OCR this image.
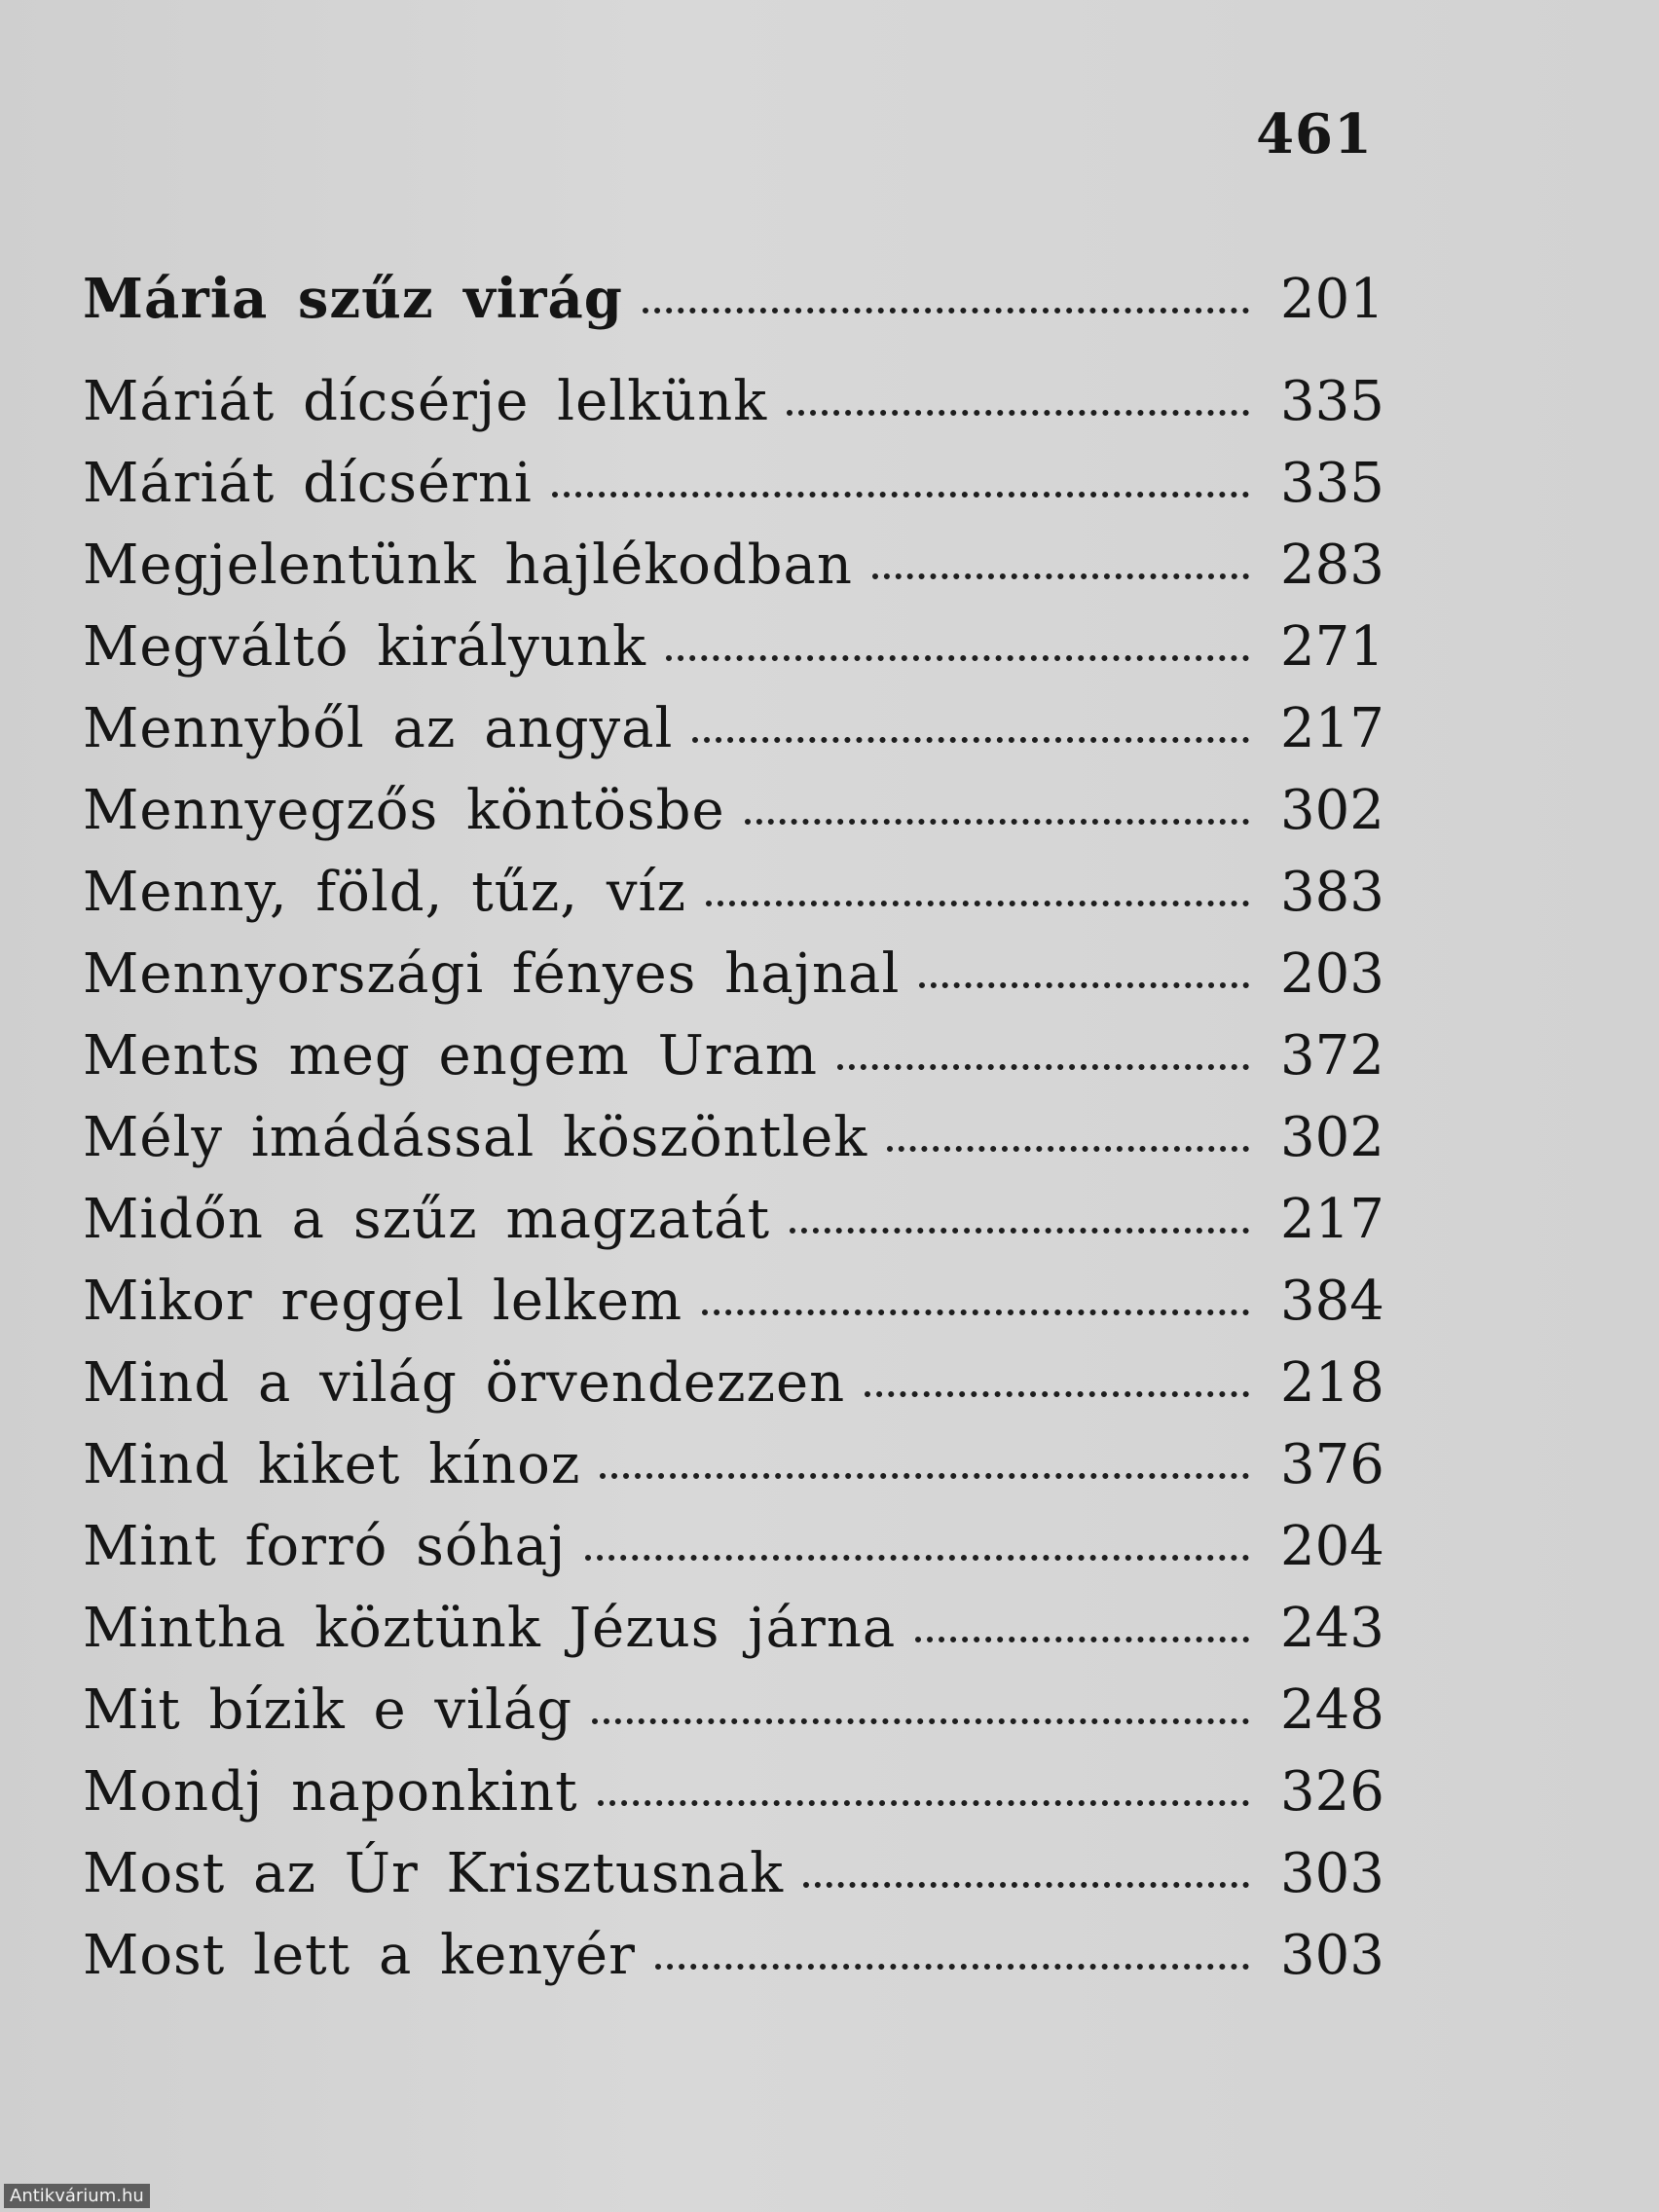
461
Mária szűz virág	201
Máriát dícsérje lelkünk	335
Máriát dícsérni	335
Megjelentünk hajlékodban	283
Megváltó királyunk	271
Mennyből az angyal	217
Mennyegzős köntösbe	302
Menny, föld, tűz, víz	383
Mennyországi fényes hajnal	203
Ments meg engem Uram	372
Mély imádással köszöntlek	302
Midőn a szűz magzatát	217
Mikor reggel lelkem	384
Mind a világ örvendezzen	218
Mind kiket kínoz	376
Mint forró sóhaj	204
Mintha köztünk Jézus járna	243
Mit bízik e világ	248
Mondj naponkint	326
Most az Úr Krisztusnak	303
Most lett a kenyér	303
Antikvárium.hu
